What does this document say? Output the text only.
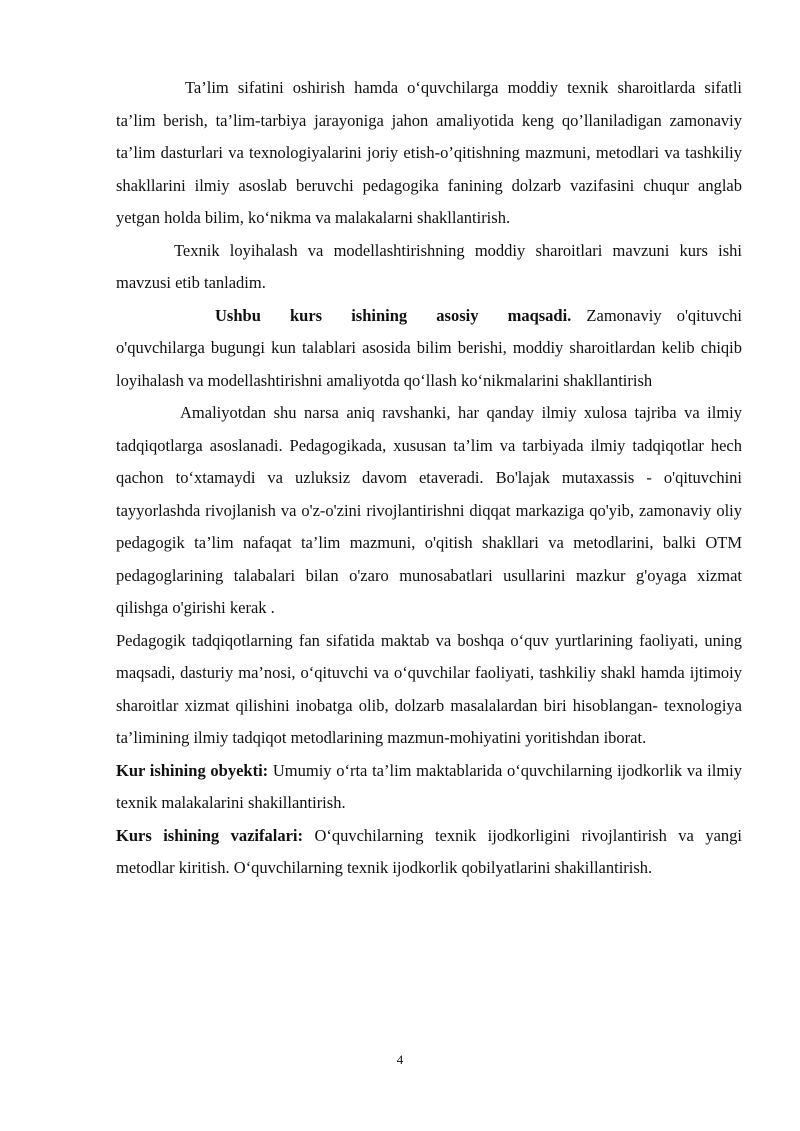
Ta’lim sifatini oshirish hamda o‘quvchilarga moddiy texnik sharoitlarda sifatli ta’lim berish, ta’lim-tarbiya jarayoniga jahon amaliyotida keng qo’llaniladigan zamonaviy ta’lim dasturlari va texnologiyalarini joriy etish-o’qitishning mazmuni, metodlari va tashkiliy shakllarini ilmiy asoslab beruvchi pedagogika fanining dolzarb vazifasini chuqur anglab yetgan holda bilim, ko‘nikma va malakalarni shakllantirish.

Texnik loyihalash va modellashtirishning moddiy sharoitlari mavzuni kurs ishi mavzusi etib tanladim.

Ushbu kurs ishining asosiy maqsadi. Zamonaviy o'qituvchi o'quvchilarga bugungi kun talablari asosida bilim berishi, moddiy sharoitlardan kelib chiqib loyihalash va modellashtirishni amaliyotda qo‘llash ko‘nikmalarini shakllantirish

Amaliyotdan shu narsa aniq ravshanki, har qanday ilmiy xulosa tajriba va ilmiy tadqiqotlarga asoslanadi. Pedagogikada, xususan ta’lim va tarbiyada ilmiy tadqiqotlar hech qachon to‘xtamaydi va uzluksiz davom etaveradi. Bo'lajak mutaxassis - o'qituvchini tayyorlashda rivojlanish va o'z-o'zini rivojlantirishni diqqat markaziga qo'yib, zamonaviy oliy pedagogik ta’lim nafaqat ta’lim mazmuni, o'qitish shakllari va metodlarini, balki OTM pedagoglarining talabalari bilan o'zaro munosabatlari usullarini mazkur g'oyaga xizmat qilishga o'girishi kerak .

Pedagogik tadqiqotlarning fan sifatida maktab va boshqa o‘quv yurtlarining faoliyati, uning maqsadi, dasturiy ma’nosi, o‘qituvchi va o‘quvchilar faoliyati, tashkiliy shakl hamda ijtimoiy sharoitlar xizmat qilishini inobatga olib, dolzarb masalalardan biri hisoblangan- texnologiya ta’limining ilmiy tadqiqot metodlarining mazmun-mohiyatini yoritishdan iborat.

Kur ishining obyekti: Umumiy o‘rta ta’lim maktablarida o‘quvchilarning ijodkorlik va ilmiy texnik malakalarini shakillantirish.

Kurs ishining vazifalari: O‘quvchilarning texnik ijodkorligini rivojlantirish va yangi metodlar kiritish. O‘quvchilarning texnik ijodkorlik qobilyatlarini shakillantirish.

4
